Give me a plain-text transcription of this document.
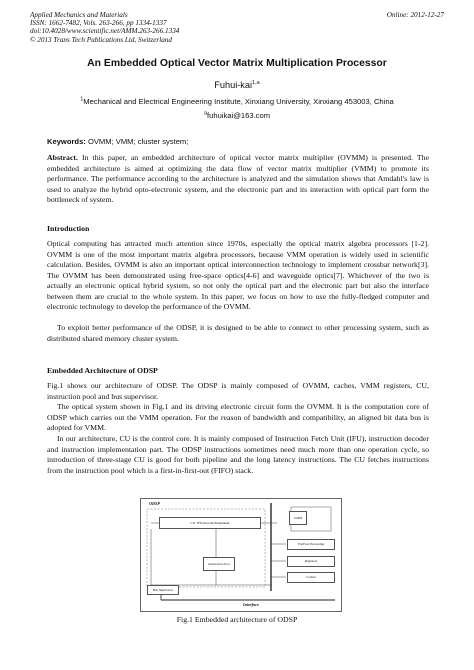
Applied Mechanics and Materials
ISSN: 1662-7482, Vols. 263-266, pp 1334-1337
doi:10.4028/www.scientific.net/AMM.263-266.1334
© 2013 Trans Tech Publications Ltd, Switzerland
Online: 2012-12-27
An Embedded Optical Vector Matrix Multiplication Processor
Fuhui-kai$^{1,a}$
$^1$Mechanical and Electrical Engineering Institute, Xinxiang University, Xinxiang 453003, China
$^a$fuhuikai@163.com
Keywords: OVMM; VMM; cluster system;
Abstract. In this paper, an embedded architecture of optical vector matrix multiplier (OVMM) is presented. The embedded architecture is aimed at optimizing the data flow of vector matrix multiplier (VMM) to promote its performance. The performance according to the architecture is analyzed and the simulation shows that Amdahl's law is used to analyze the hybrid opto-electronic system, and the electronic part and its interaction with optical part form the bottleneck of system.
Introduction
Optical computing has attracted much attention since 1970s, especially the optical matrix algebra processors [1-2]. OVMM is one of the most important matrix algebra processors, because VMM operation is widely used in scientific calculation. Besides, OVMM is also an important optical interconnection technology to implement crossbar network[3]. The OVMM has been demonstrated using free-space optics[4-6] and waveguide optics[7]. Whichever of the two is actually an electronic optical hybrid system, so not only the optical part and the electronic part but also the interface between them are crucial to the whole system. In this paper, we focus on how to use the fully-fledged computer and electronic technology to develop the performance of the OVMM.
To exploit better performance of the ODSP, it is designed to be able to connect to other processing system, such as distributed shared memory cluster system.
Embedded Architecture of ODSP
Fig.1 shows our architecture of ODSP. The ODSP is mainly composed of OVMM, caches, VMM registers, CU, instruction pool and bus supervisor.
The optical system shown in Fig.1 and its driving electronic circuit form the OVMM. It is the computation core of ODSP which carries out the VMM operation. For the reason of bandwidth and compatibility, an aligned bit data bus is adopted for VMM.
In our architecture, CU is the control core. It is mainly composed of Instruction Fetch Unit (IFU), instruction decoder and instruction implementation part. The ODSP instructions sometimes need much more than one operation cycle, so introduction of three-stage CU is good for both pipeline and the long latency instructions. The CU fetches instructions from the instruction pool which is a first-in-first-out (FIFO) stack.
ODSP
CU: IFU/Decoder/Implement
VMM
Pre/Post Processing
Registers
Caches
Instruction Pool
Bus Supervisor
Interface
Fig.1 Embedded architecture of ODSP
